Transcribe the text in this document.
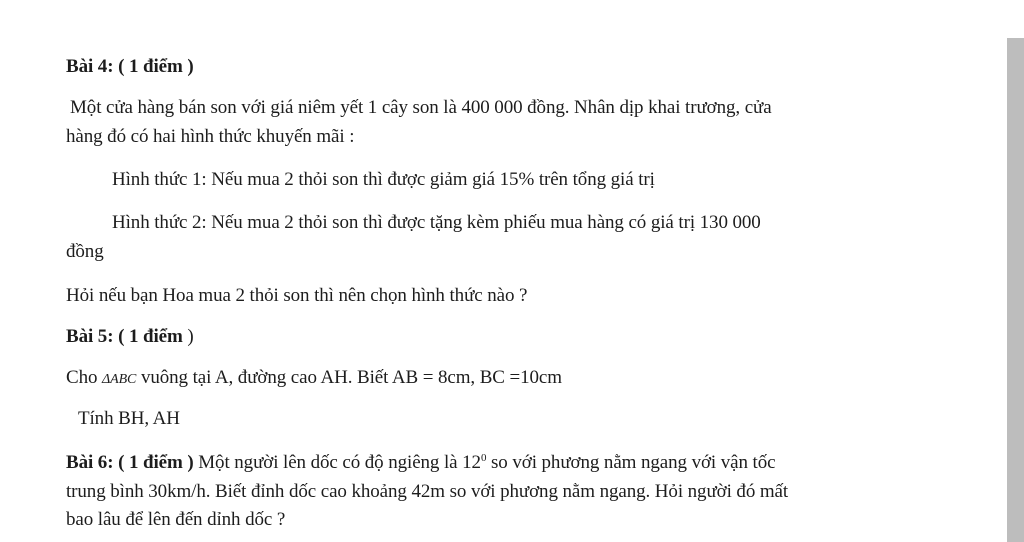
Bài 4: ( 1 điểm )
Một cửa hàng bán son với giá niêm yết 1 cây son là 400 000 đồng. Nhân dịp khai trương, cửa
hàng đó có hai hình thức khuyến mãi :
Hình thức 1: Nếu mua 2 thỏi son thì được giảm giá 15% trên tổng giá trị
Hình thức 2: Nếu mua 2 thỏi son thì được tặng kèm phiếu mua hàng có giá trị 130 000
đồng
Hỏi nếu bạn Hoa mua 2 thỏi son thì nên chọn hình thức nào ?
Bài 5: ( 1 điểm )
Cho ΔABC vuông tại A, đường cao AH. Biết AB = 8cm, BC =10cm
Tính BH, AH
Bài 6: ( 1 điểm ) Một người lên dốc có độ ngiêng là $12^0$ so với phương nằm ngang với vận tốc
trung bình 30km/h. Biết đỉnh dốc cao khoảng 42m so với phương nằm ngang. Hỏi người đó mất
bao lâu để lên đến dỉnh dốc ?
